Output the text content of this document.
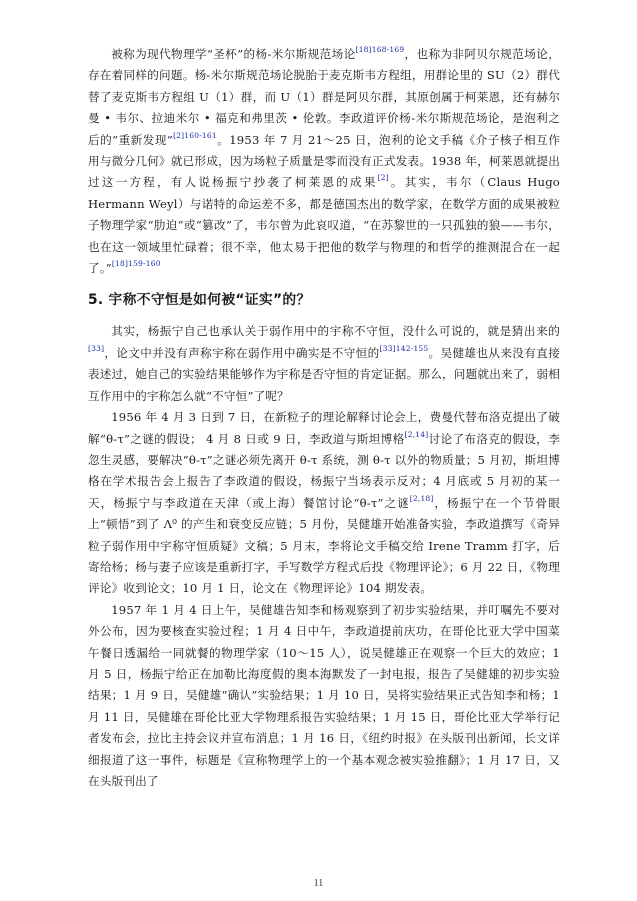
被称为现代物理学“圣杯”的杨-米尔斯规范场论$^{[18]168-169}$，也称为非阿贝尔规范场论，存在着同样的问题。杨-米尔斯规范场论脱胎于麦克斯韦方程组，用群论里的 SU（2）群代替了麦克斯韦方程组 U（1）群，而 U（1）群是阿贝尔群，其原创属于柯莱恩，还有赫尔曼 • 韦尔、拉迪米尔 • 福克和弗里茨 • 伦敦。李政道评价杨-米尔斯规范场论，是泡利之后的“重新发现”$^{[2]160-161}$。1953 年 7 月 21～25 日，泡利的论文手稿《介子核子相互作用与微分几何》就已形成，因为场粒子质量是零而没有正式发表。1938 年，柯莱恩就提出过这一方程，有人说杨振宁抄袭了柯莱恩的成果[2]。其实，韦尔（Claus Hugo Hermann Weyl）与诺特的命运差不多，都是德国杰出的数学家，在数学方面的成果被粒子物理学家“肋迫”或“篡改”了，韦尔曾为此哀叹道，“在苏黎世的一只孤独的狼——韦尔，也在这一领域里忙碌着；很不幸，他太易于把他的数学与物理的和哲学的推测混合在一起了。”$^{[18]159-160}$

5. 宇称不守恒是如何被“证实”的？

其实，杨振宁自己也承认关于弱作用中的宇称不守恒，没什么可说的，就是猜出来的[33]，论文中并没有声称宇称在弱作用中确实是不守恒的$^{[33]142-155}$。吴健雄也从来没有直接表述过，她自己的实验结果能够作为宇称是否守恒的肯定证据。那么，问题就出来了，弱相互作用中的宇称怎么就“不守恒”了呢？

1956 年 4 月 3 日到 7 日，在新粒子的理论解释讨论会上，费曼代替布洛克提出了破解“θ-τ”之谜的假设； 4 月 8 日或 9 日，李政道与斯坦博格[2,14]讨论了布洛克的假设，李忽生灵感，要解决“θ-τ”之谜必须先离开 θ-τ 系统，测 θ-τ 以外的物质量；5 月初，斯坦博格在学术报告会上报告了李政道的假设，杨振宁当场表示反对；4 月底或 5 月初的某一天，杨振宁与李政道在天津（或上海）餐馆讨论“θ-τ”之谜[2,18]，杨振宁在一个节骨眼上“顿悟”到了 Λ⁰ 的产生和衰变反应链；5 月份，吴健雄开始准备实验，李政道撰写《奇异粒子弱作用中宇称守恒质疑》文稿；5 月末，李将论文手稿交给 Irene Tramm 打字，后寄给杨；杨与妻子应该是重新打字，手写数学方程式后投《物理评论》；6 月 22 日，《物理评论》收到论文；10 月 1 日，论文在《物理评论》104 期发表。

1957 年 1 月 4 日上午，吴健雄告知李和杨观察到了初步实验结果，并叮嘱先不要对外公布，因为要核查实验过程；1 月 4 日中午，李政道提前庆功，在哥伦比亚大学中国菜午餐日透漏给一同就餐的物理学家（10～15 人），说吴健雄正在观察一个巨大的效应；1 月 5 日，杨振宁给正在加勒比海度假的奥本海默发了一封电报，报告了吴健雄的初步实验结果；1 月 9 日，吴健雄“确认”实验结果；1 月 10 日，吴将实验结果正式告知李和杨；1 月 11 日，吴健雄在哥伦比亚大学物理系报告实验结果；1 月 15 日，哥伦比亚大学举行记者发布会，拉比主持会议并宣布消息；1 月 16 日，《纽约时报》在头版刊出新闻，长文详细报道了这一事件，标题是《宣称物理学上的一个基本观念被实验推翻》；1 月 17 日，又在头版刊出了

11
